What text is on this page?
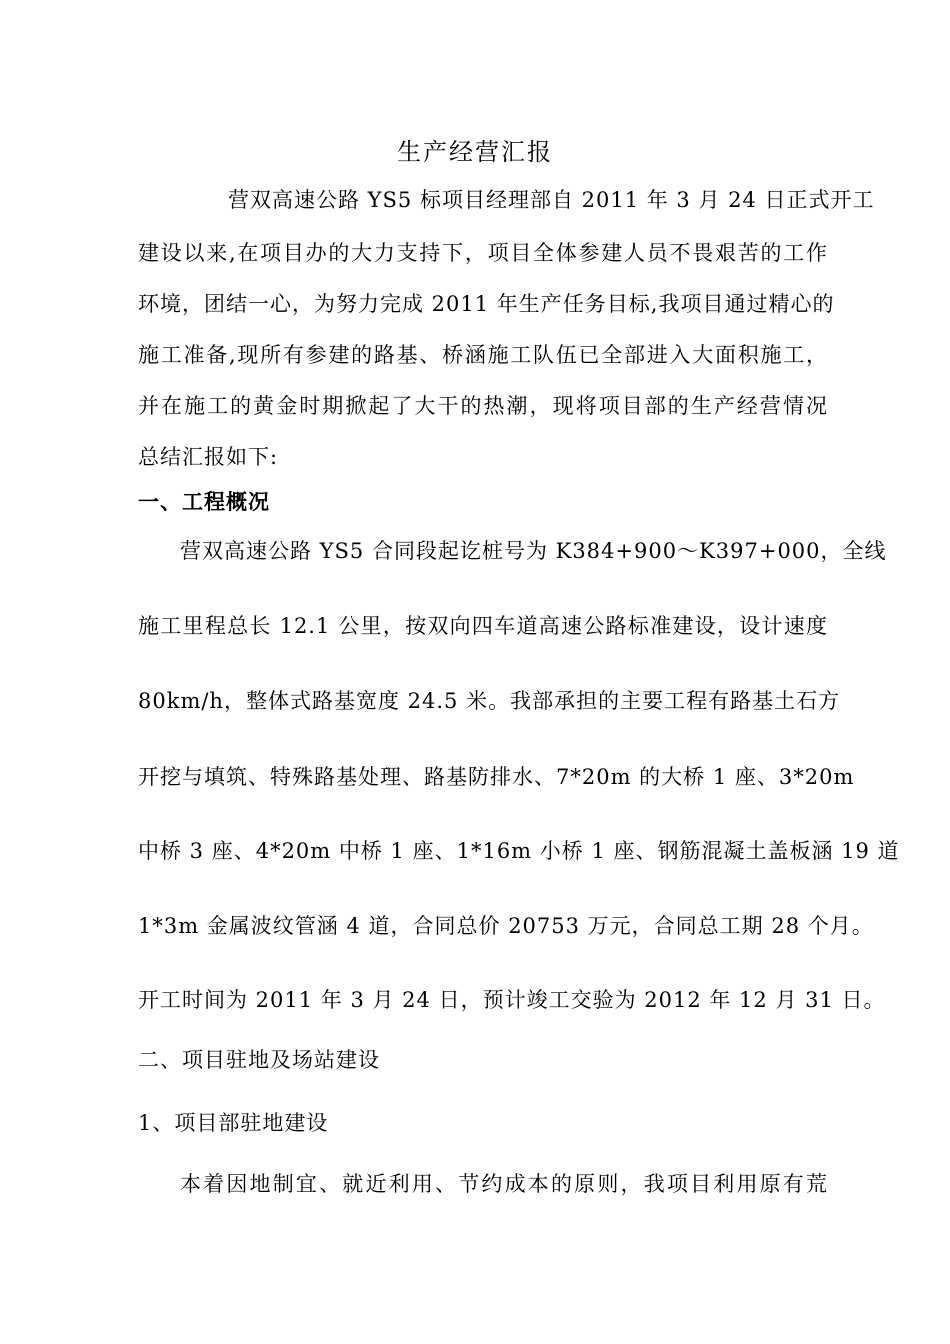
生产经营汇报
营双高速公路 YS5 标项目经理部自 2011 年 3 月 24 日正式开工
建设以来,在项目办的大力支持下，项目全体参建人员不畏艰苦的工作
环境，团结一心，为努力完成 2011 年生产任务目标,我项目通过精心的
施工准备,现所有参建的路基、桥涵施工队伍已全部进入大面积施工，
并在施工的黄金时期掀起了大干的热潮，现将项目部的生产经营情况
总结汇报如下:
一、工程概况
营双高速公路 YS5 合同段起讫桩号为 K384+900～K397+000，全线
施工里程总长 12.1 公里，按双向四车道高速公路标准建设，设计速度
80km/h，整体式路基宽度 24.5 米。我部承担的主要工程有路基土石方
开挖与填筑、特殊路基处理、路基防排水、7*20m 的大桥 1 座、3*20m
中桥 3 座、4*20m 中桥 1 座、1*16m 小桥 1 座、钢筋混凝土盖板涵 19 道
1*3m 金属波纹管涵 4 道，合同总价 20753 万元，合同总工期 28 个月。
开工时间为 2011 年 3 月 24 日，预计竣工交验为 2012 年 12 月 31 日。
二、项目驻地及场站建设
1、项目部驻地建设
本着因地制宜、就近利用、节约成本的原则，我项目利用原有荒
